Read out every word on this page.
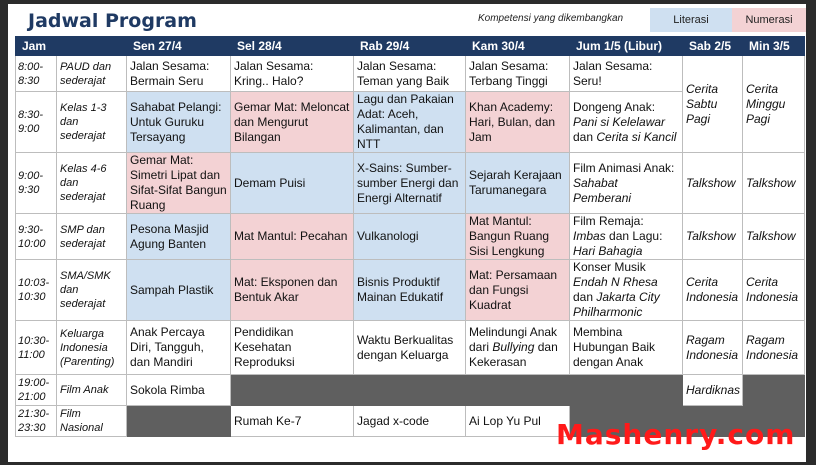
Jadwal Program	Kompetensi yang dikembangkan	Literasi	Numerasi
Jam		Sen 27/4	Sel 28/4	Rab 29/4	Kam 30/4	Jum 1/5 (Libur)	Sab 2/5	Min 3/5
8:00-8:30	PAUD dan sederajat	Jalan Sesama: Bermain Seru	Jalan Sesama: Kring.. Halo?	Jalan Sesama: Teman yang Baik	Jalan Sesama: Terbang Tinggi	Jalan Sesama: Seru!	Cerita Sabtu Pagi	Cerita Minggu Pagi
8:30-9:00	Kelas 1-3 dan sederajat	Sahabat Pelangi: Untuk Guruku Tersayang	Gemar Mat: Meloncat dan Mengurut Bilangan	Lagu dan Pakaian Adat: Aceh, Kalimantan, dan NTT	Khan Academy: Hari, Bulan, dan Jam	Dongeng Anak: Pani si Kelelawar dan Cerita si Kancil		
9:00-9:30	Kelas 4-6 dan sederajat	Gemar Mat: Simetri Lipat dan Sifat-Sifat Bangun Ruang	Demam Puisi	X-Sains: Sumber-sumber Energi dan Energi Alternatif	Sejarah Kerajaan Tarumanegara	Film Animasi Anak: Sahabat Pemberani	Talkshow	Talkshow
9:30-10:00	SMP dan sederajat	Pesona Masjid Agung Banten	Mat Mantul: Pecahan	Vulkanologi	Mat Mantul: Bangun Ruang Sisi Lengkung	Film Remaja: Imbas dan Lagu: Hari Bahagia	Talkshow	Talkshow
10:03-10:30	SMA/SMK dan sederajat	Sampah Plastik	Mat: Eksponen dan Bentuk Akar	Bisnis Produktif Mainan Edukatif	Mat: Persamaan dan Fungsi Kuadrat	Konser Musik Endah N Rhesa dan Jakarta City Philharmonic	Cerita Indonesia	Cerita Indonesia
10:30-11:00	Keluarga Indonesia (Parenting)	Anak Percaya Diri, Tangguh, dan Mandiri	Pendidikan Kesehatan Reproduksi	Waktu Berkualitas dengan Keluarga	Melindungi Anak dari Bullying dan Kekerasan	Membina Hubungan Baik dengan Anak	Ragam Indonesia	Ragam Indonesia
19:00-21:00	Film Anak	Sokola Rimba					Hardiknas	
21:30-23:30	Film Nasional		Rumah Ke-7	Jagad x-code	Ai Lop Yu Pul			Mashenry.com
